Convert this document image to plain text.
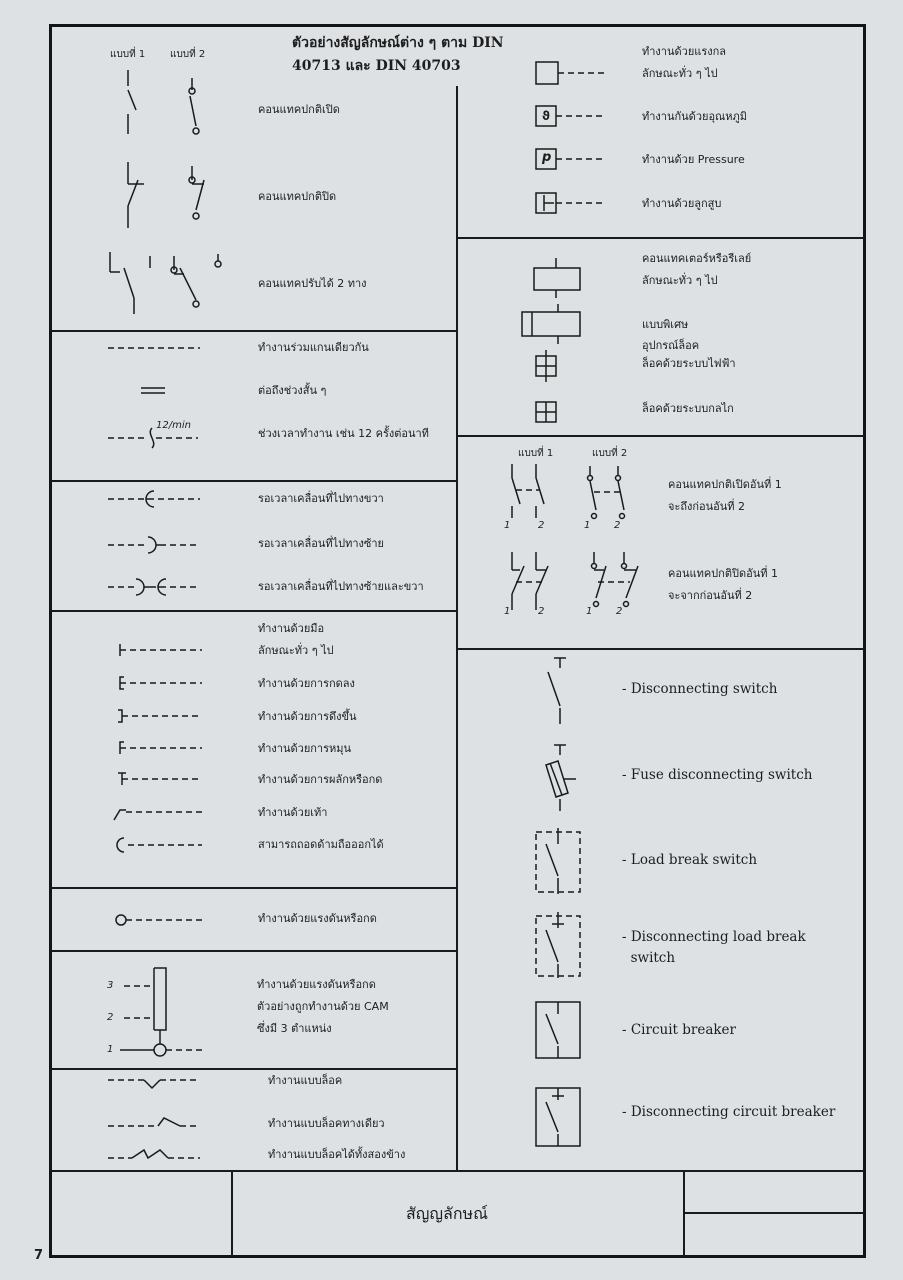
ตัวอย่างสัญลักษณ์ต่าง ๆ ตาม DIN
40713 และ DIN 40703
แบบที่ 1 แบบที่ 2
คอนแทคปกติเปิด
คอนแทคปกติปิด
คอนแทคปรับได้ 2 ทาง
ทำงานร่วมแกนเดียวกัน
ต่อถึงช่วงสั้น ๆ
12/min
ช่วงเวลาทำงาน เช่น 12 ครั้งต่อนาที
รอเวลาเคลื่อนที่ไปทางขวา
รอเวลาเคลื่อนที่ไปทางซ้าย
รอเวลาเคลื่อนที่ไปทางซ้ายและขวา
ทำงานด้วยมือ
ลักษณะทั่ว ๆ ไป
ทำงานด้วยการกดลง
ทำงานด้วยการดึงขึ้น
ทำงานด้วยการหมุน
ทำงานด้วยการผลักหรือกด
ทำงานด้วยเท้า
สามารถถอดด้ามถือออกได้
ทำงานด้วยแรงดันหรือกด
3
2
1
ทำงานด้วยแรงดันหรือกด
ตัวอย่างถูกทำงานด้วย CAM
ซึ่งมี 3 ตำแหน่ง
ทำงานแบบล็อค
ทำงานแบบล็อคทางเดียว
ทำงานแบบล็อคได้ทั้งสองข้าง
ทำงานด้วยแรงกล
ลักษณะทั่ว ๆ ไป
ϑ	ทำงานกันด้วยอุณหภูมิ
p	ทำงานด้วย Pressure
ทำงานด้วยลูกสูบ
คอนแทคเตอร์หรือรีเลย์
ลักษณะทั่ว ๆ ไป
แบบพิเศษ
อุปกรณ์ล็อค
ล็อคด้วยระบบไฟฟ้า
ล็อคด้วยระบบกลไก
แบบที่ 1	แบบที่ 2
1	2	1 2
คอนแทคปกติเปิดอันที่ 1
จะถึงก่อนอันที่ 2
1	2	1 2
คอนแทคปกติปิดอันที่ 1
จะจากก่อนอันที่ 2
- Disconnecting switch
- Fuse disconnecting switch
- Load break switch
- Disconnecting load break
switch
- Circuit breaker
- Disconnecting circuit breaker
สัญญลักษณ์
7
